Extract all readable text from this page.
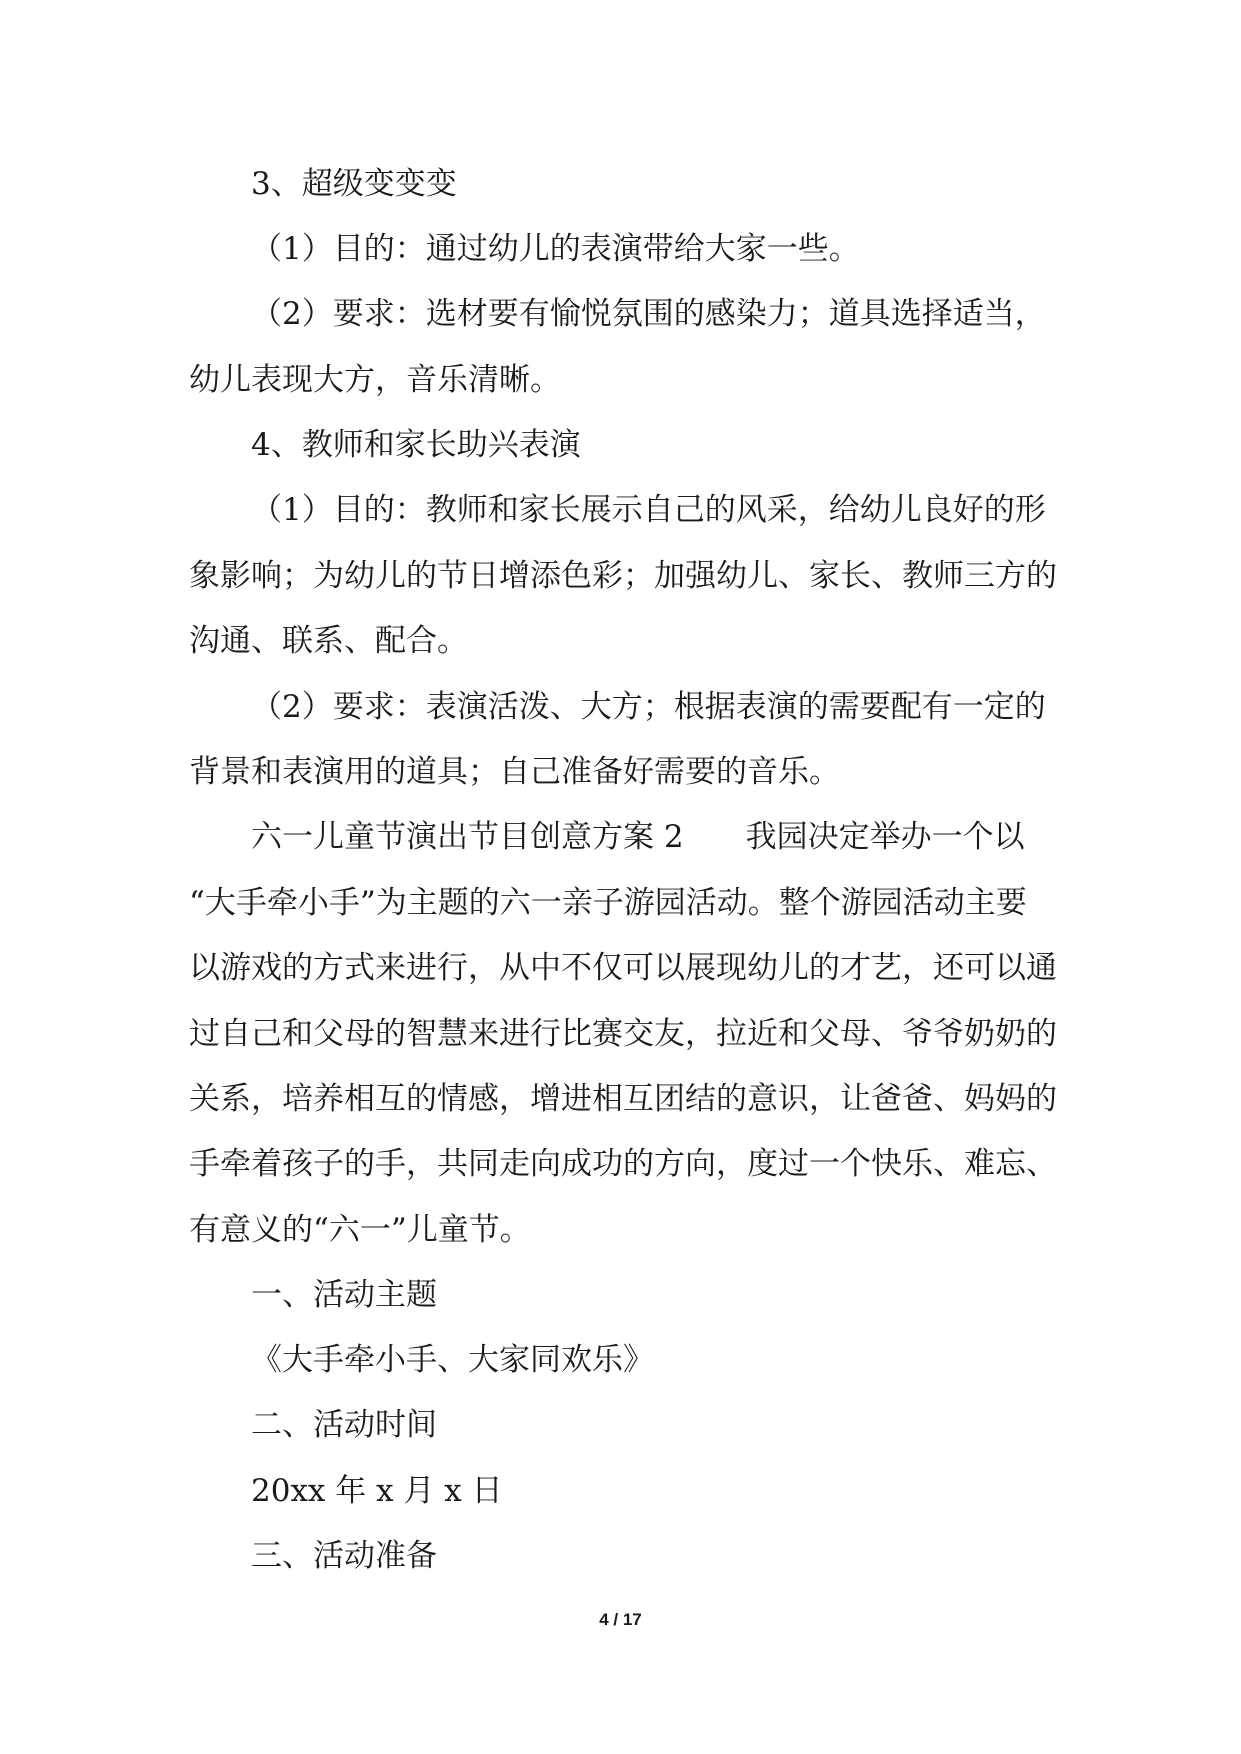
3、超级变变变
（1）目的：通过幼儿的表演带给大家一些。
（2）要求：选材要有愉悦氛围的感染力；道具选择适当，
幼儿表现大方，音乐清晰。
4、教师和家长助兴表演
（1）目的：教师和家长展示自己的风采，给幼儿良好的形
象影响；为幼儿的节日增添色彩；加强幼儿、家长、教师三方的
沟通、联系、配合。
（2）要求：表演活泼、大方；根据表演的需要配有一定的
背景和表演用的道具；自己准备好需要的音乐。
六一儿童节演出节目创意方案 2 我园决定举办一个以
“大手牵小手”为主题的六一亲子游园活动。整个游园活动主要
以游戏的方式来进行，从中不仅可以展现幼儿的才艺，还可以通
过自己和父母的智慧来进行比赛交友，拉近和父母、爷爷奶奶的
关系，培养相互的情感，增进相互团结的意识，让爸爸、妈妈的
手牵着孩子的手，共同走向成功的方向，度过一个快乐、难忘、
有意义的“六一”儿童节。
一、活动主题
《大手牵小手、大家同欢乐》
二、活动时间
20xx 年 x 月 x 日
三、活动准备
4 / 17
